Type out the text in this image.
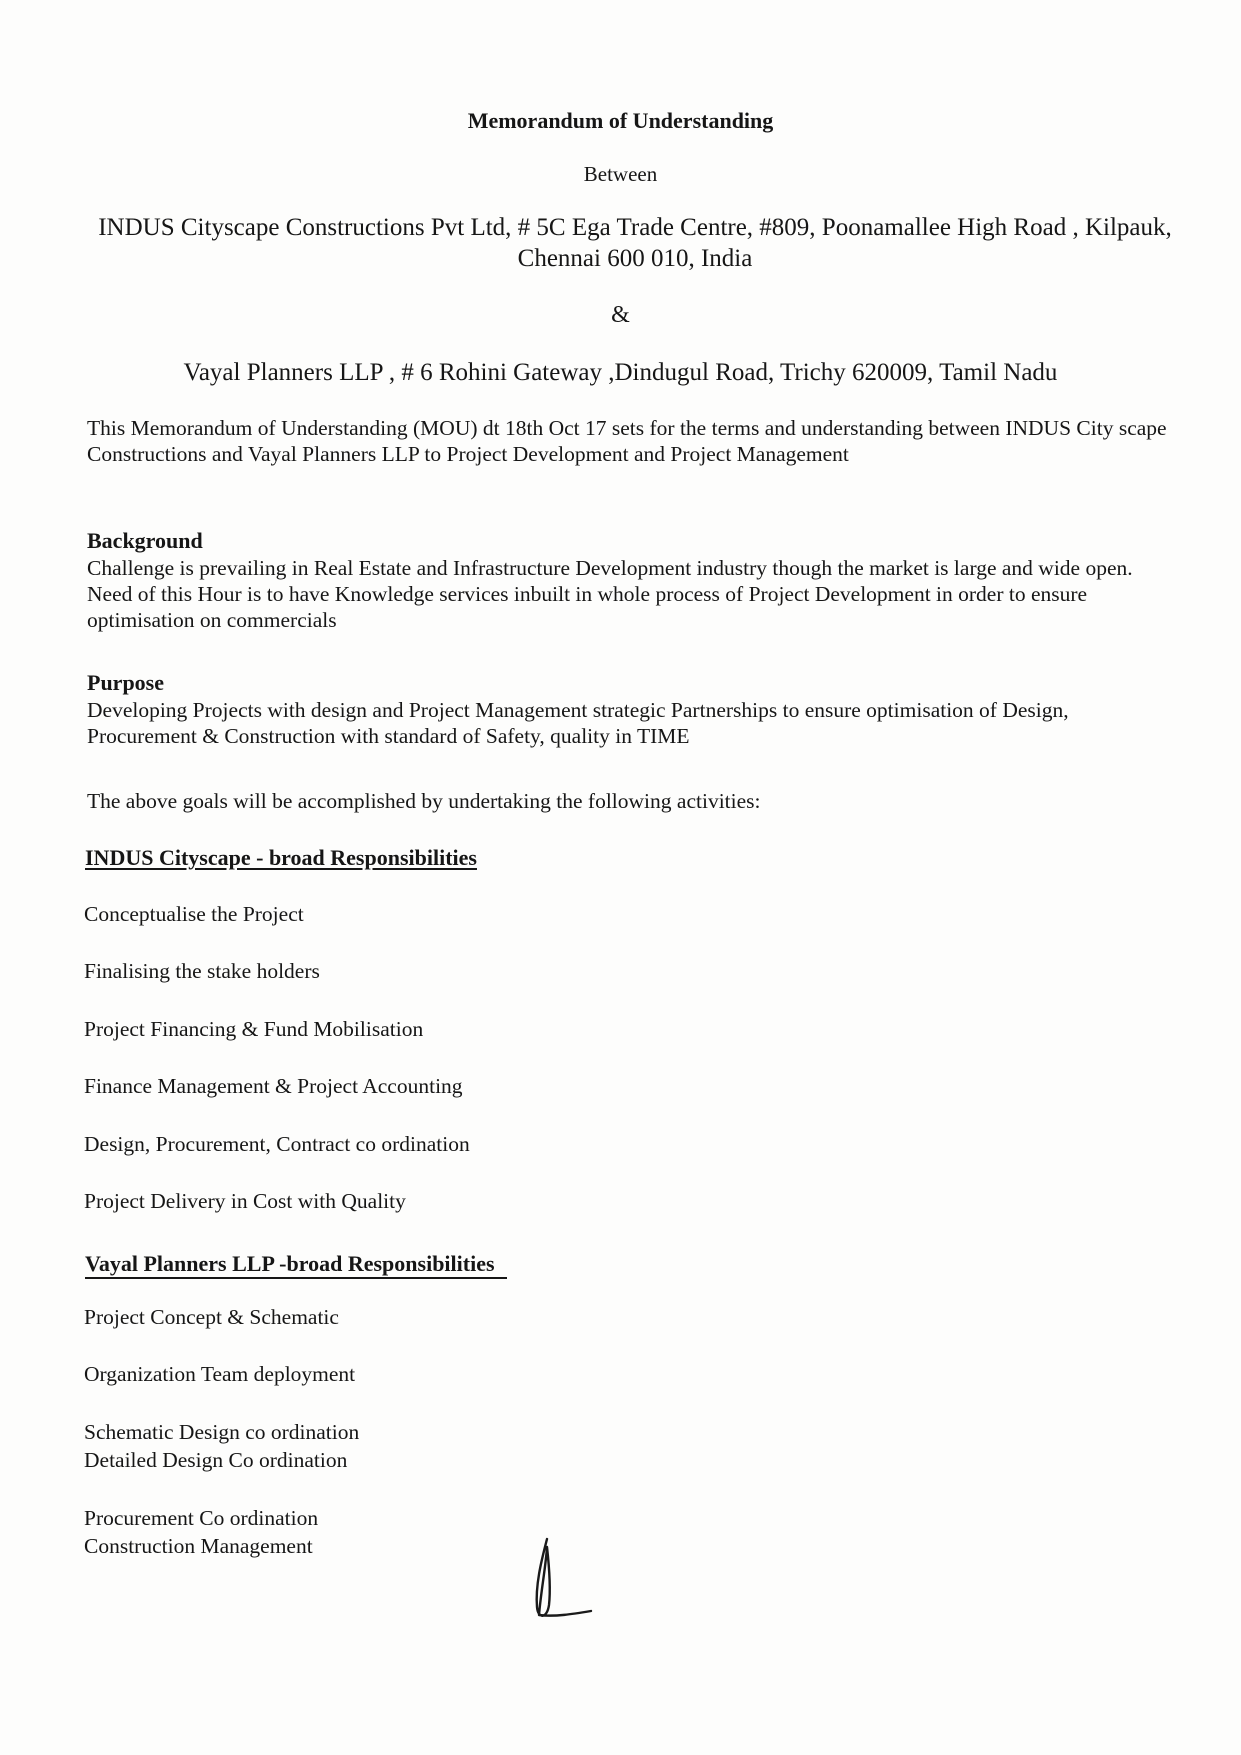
Memorandum of Understanding
Between
INDUS Cityscape Constructions Pvt Ltd, # 5C Ega Trade Centre, #809, Poonamallee High Road , Kilpauk, Chennai 600 010, India
&
Vayal Planners LLP , # 6 Rohini Gateway ,Dindugul Road, Trichy 620009, Tamil Nadu
This Memorandum of Understanding (MOU) dt 18th Oct 17 sets for the terms and understanding between INDUS City scape Constructions and Vayal Planners LLP to Project Development and Project Management
Background
Challenge is prevailing in Real Estate and Infrastructure Development industry though the market is large and wide open. Need of this Hour is to have Knowledge services inbuilt in whole process of Project Development in order to ensure optimisation on commercials
Purpose
Developing Projects with design and Project Management strategic Partnerships to ensure optimisation of Design, Procurement & Construction with standard of Safety, quality in TIME
The above goals will be accomplished by undertaking the following activities:
INDUS Cityscape - broad Responsibilities
Conceptualise the Project
Finalising the stake holders
Project Financing & Fund Mobilisation
Finance Management & Project Accounting
Design, Procurement, Contract co ordination
Project Delivery in Cost with Quality
Vayal Planners LLP -broad Responsibilities
Project Concept & Schematic
Organization Team deployment
Schematic Design co ordination
Detailed Design Co ordination
Procurement Co ordination
Construction Management
